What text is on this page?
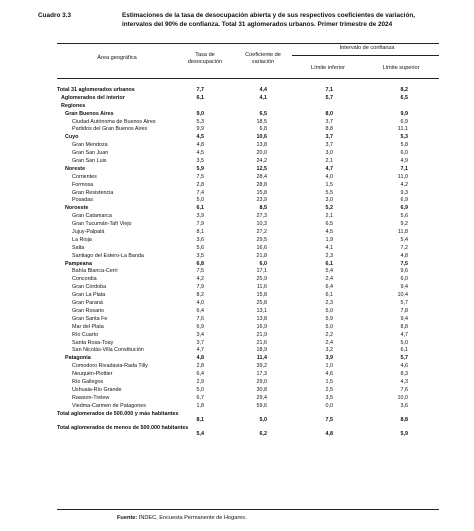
Cuadro 3.3	Estimaciones de la tasa de desocupación abierta y de sus respectivos coeficientes de variación, intervalos del 90% de confianza. Total 31 aglomerados urbanos. Primer trimestre de 2024
Área geográfica	Tasa de desocupación
Coeficiente de variación
Intervalo de confianza
Límite inferior	Límite superior
Total 31 aglomerados urbanos	7,7	4,4	7,1	8,2
Aglomerados del interior	6,1	4,1	5,7	6,5
Regiones
Gran Buenos Aires	9,0	6,5	8,0	9,9
Ciudad Autónoma de Buenos Aires	5,3	18,5	3,7	6,9
Partidos del Gran Buenos Aires	9,9	6,8	8,8	11,1
Cuyo	4,5	10,6	3,7	5,3
Gran Mendoza	4,8	13,8	3,7	5,8
Gran San Juan	4,5	20,0	3,0	6,0
Gran San Luis	3,5	24,2	2,1	4,9
Noreste	5,9	12,5	4,7	7,1
Corrientes	7,5	28,4	4,0	11,0
Formosa	2,8	28,8	1,5	4,2
Gran Resistencia	7,4	15,8	5,5	9,3
Posadas	5,0	23,9	3,0	6,9
Noroeste	6,1	8,5	5,2	6,9
Gran Catamarca	3,9	27,3	2,1	5,6
Gran Tucumán-Tafí Viejo	7,9	10,3	6,5	9,2
Jujuy-Palpalá	8,1	27,2	4,5	11,8
La Rioja	3,6	29,5	1,9	5,4
Salta	5,6	16,6	4,1	7,2
Santiago del Estero-La Banda	3,5	21,8	2,3	4,8
Pampeana	6,8	6,0	6,1	7,5
Bahía Blanca-Cerri	7,5	17,1	5,4	9,6
Concordia	4,2	25,9	2,4	6,0
Gran Córdoba	7,9	11,6	6,4	9,4
Gran La Plata	8,2	15,8	6,1	10,4
Gran Paraná	4,0	25,8	2,3	5,7
Gran Rosario	6,4	13,1	5,0	7,8
Gran Santa Fe	7,6	13,8	5,9	9,4
Mar del Plata	6,9	16,9	5,0	8,8
Río Cuarto	3,4	21,9	2,2	4,7
Santa Rosa-Toay	3,7	21,6	2,4	5,0
San Nicolás-Villa Constitución	4,7	18,9	3,2	6,1
Patagonia	4,8	11,4	3,9	5,7
Comodoro Rivadavia-Rada Tilly	2,8	39,2	1,0	4,6
Neuquén-Plottier	6,4	17,3	4,6	8,3
Río Gallegos	2,9	29,0	1,5	4,3
Ushuaia-Río Grande	5,0	30,8	2,5	7,6
Rawson-Trelew	6,7	29,4	3,5	10,0
Viedma-Carmen de Patagones	1,8	59,6	0,0	3,6
Total aglomerados de 500.000 y más habitantes
8,1	5,0	7,5	8,8
Total aglomerados de menos de 500.000 habitantes
5,4	6,2	4,8	5,9
Fuente: INDEC, Encuesta Permanente de Hogares.
